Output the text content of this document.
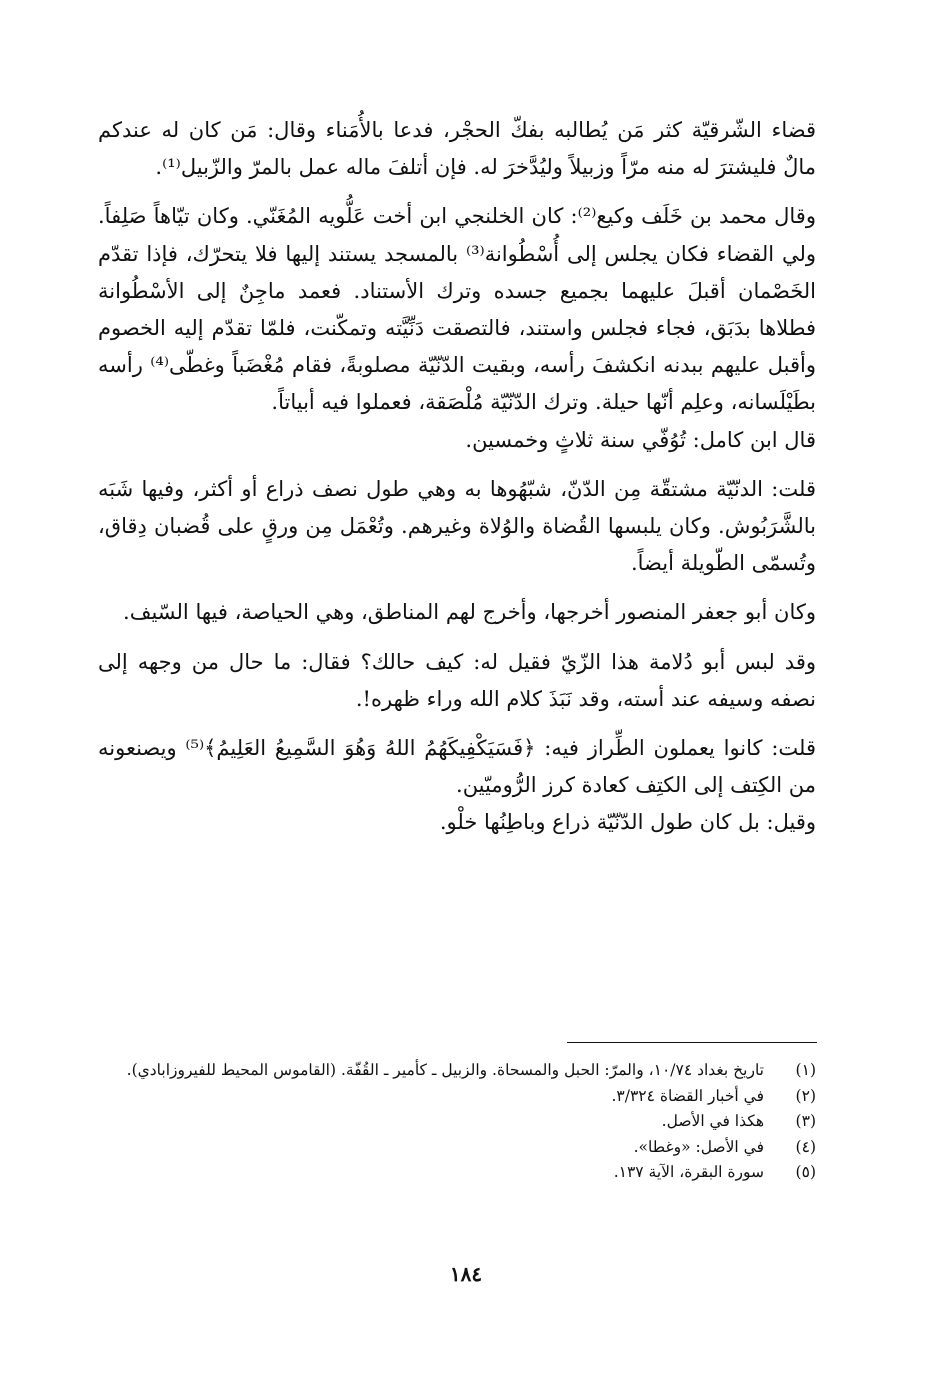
قضاء الشّرقيّة كثر مَن يُطالبه بفكّ الحجْر، فدعا بالأُمَناء وقال: مَن كان له عندكم مالٌ فليشترَ له منه مرّاً وزبيلاً وليُدَّخرَ له. فإن أتلفَ ماله عمل بالمرّ والزّبيل⁽¹⁾.

وقال محمد بن خَلَف وكيع⁽²⁾: كان الخلنجي ابن أخت عَلُّويه المُغَنّي. وكان تيّاهاً صَلِفاً. ولي القضاء فكان يجلس إلى أُسْطُوانة⁽³⁾ بالمسجد يستند إليها فلا يتحرّك، فإذا تقدّم الخَصْمان أقبلَ عليهما بجميع جسده وترك الأستناد. فعمد ماجِنٌ إلى الأسْطُوانة فطلاها بدَبَق، فجاء فجلس واستند، فالتصقت دَنِّيَّته وتمكّنت، فلمّا تقدّم إليه الخصوم وأقبل عليهم ببدنه انكشفَ رأسه، وبقيت الدّنّيّة مصلوبةً، فقام مُغْضَباً وغطّى⁽⁴⁾ رأسه بطَيْلَسانه، وعلِم أنّها حيلة. وترك الدّنّيّة مُلْصَقة، فعملوا فيه أبياتاً.

قال ابن كامل: تُوُفّي سنة ثلاثٍ وخمسين.

قلت: الدنّيّة مشتقّة مِن الدّنّ، شبّهُوها به وهي طول نصف ذراع أو أكثر، وفيها شَبَه بالشَّرَبُوش. وكان يلبسها القُضاة والوُلاة وغيرهم. وتُعْمَل مِن ورقٍ على قُضبان دِقاق، وتُسمّى الطّويلة أيضاً.

وكان أبو جعفر المنصور أخرجها، وأخرج لهم المناطق، وهي الحياصة، فيها السّيف.

وقد لبس أبو دُلامة هذا الزّيّ فقيل له: كيف حالك؟ فقال: ما حال من وجهه إلى نصفه وسيفه عند أسته، وقد نَبَذَ كلام الله وراء ظهره!.

قلت: كانوا يعملون الطِّراز فيه: ﴿فَسَيَكْفِيكَهُمُ اللهُ وَهُوَ السَّمِيعُ العَلِيمُ﴾⁽⁵⁾ ويصنعونه من الكِتف إلى الكتِف كعادة كرز الرُّوميّين.

وقيل: بل كان طول الدّنّيّة ذراع وباطِنُها خلْو.

(١)
تاريخ بغداد ١٠/٧٤، والمرّ: الحبل والمسحاة. والزبيل ـ كأمير ـ القُفّة. (القاموس المحيط للفيروزابادي).
(٢)
في أخبار القضاة ٣/٣٢٤.
(٣)
هكذا في الأصل.
(٤)
في الأصل: «وغطا».
(٥)
سورة البقرة، الآية ١٣٧.
١٨٤
